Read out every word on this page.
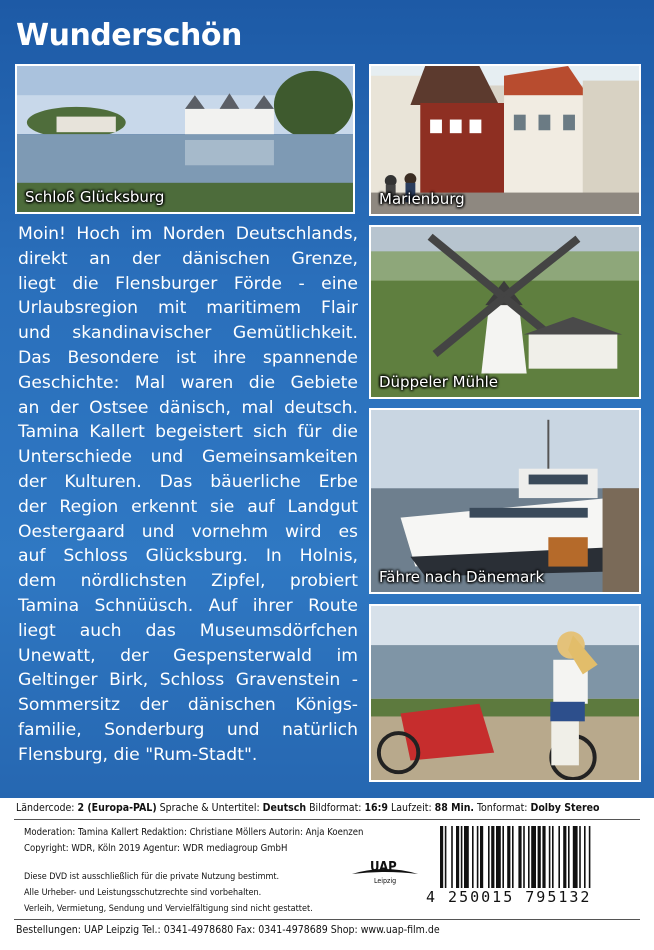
Wunderschön
Schloß Glücksburg	Marienburg
Düppeler Mühle
Fähre nach Dänemark
Moin! Hoch im Norden Deutschlands,
direkt an der dänischen Grenze,
liegt die Flensburger Förde - eine
Urlaubsregion mit maritimem Flair
und skandinavischer Gemütlichkeit.
Das Besondere ist ihre spannende
Geschichte: Mal waren die Gebiete
an der Ostsee dänisch, mal deutsch.
Tamina Kallert begeistert sich für die
Unterschiede und Gemeinsamkeiten
der Kulturen. Das bäuerliche Erbe
der Region erkennt sie auf Landgut
Oestergaard und vornehm wird es
auf Schloss Glücksburg. In Holnis,
dem nördlichsten Zipfel, probiert
Tamina Schnüüsch. Auf ihrer Route
liegt auch das Museumsdörfchen
Unewatt, der Gespensterwald im
Geltinger Birk, Schloss Gravenstein -
Sommersitz der dänischen Königs-
familie, Sonderburg und natürlich
Flensburg, die "Rum-Stadt".
Ländercode: 2 (Europa-PAL) Sprache & Untertitel: Deutsch Bildformat: 16:9 Laufzeit: 88 Min. Tonformat: Dolby Stereo
Moderation: Tamina Kallert Redaktion: Christiane Möllers Autorin: Anja Koenzen
Copyright: WDR, Köln 2019 Agentur: WDR mediagroup GmbH
Diese DVD ist ausschließlich für die private Nutzung bestimmt.
Alle Urheber- und Leistungsschutzrechte sind vorbehalten.
Verleih, Vermietung, Sendung und Vervielfältigung sind nicht gestattet.
UAP
Leipzig
4 250015 795132
Bestellungen: UAP Leipzig Tel.: 0341-4978680 Fax: 0341-4978689 Shop: www.uap-film.de
